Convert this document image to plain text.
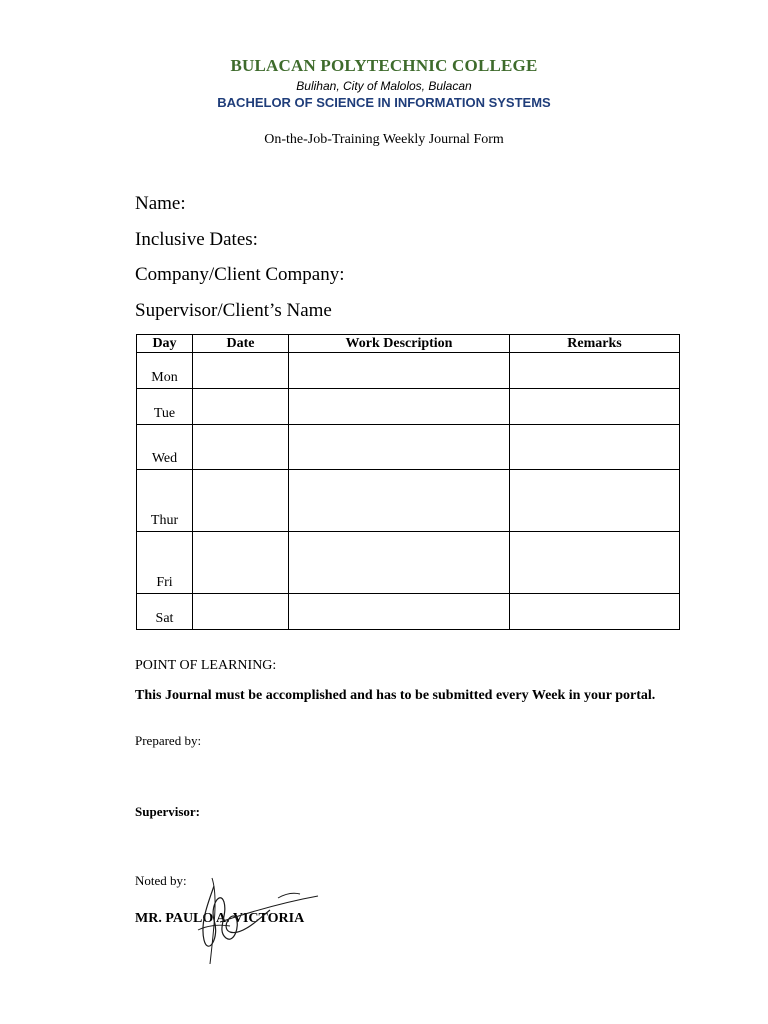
BULACAN POLYTECHNIC COLLEGE
Bulihan, City of Malolos, Bulacan
BACHELOR OF SCIENCE IN INFORMATION SYSTEMS
On-the-Job-Training Weekly Journal Form
Name:
Inclusive Dates:
Company/Client Company:
Supervisor/Client’s Name
Day	Date	Work Description	Remarks
Mon			
Tue			
Wed			
Thur			
Fri			
Sat			
POINT OF LEARNING:
This Journal must be accomplished and has to be submitted every Week in your portal.
Prepared by:
Supervisor:
Noted by:
MR. PAULO A. VICTORIA
